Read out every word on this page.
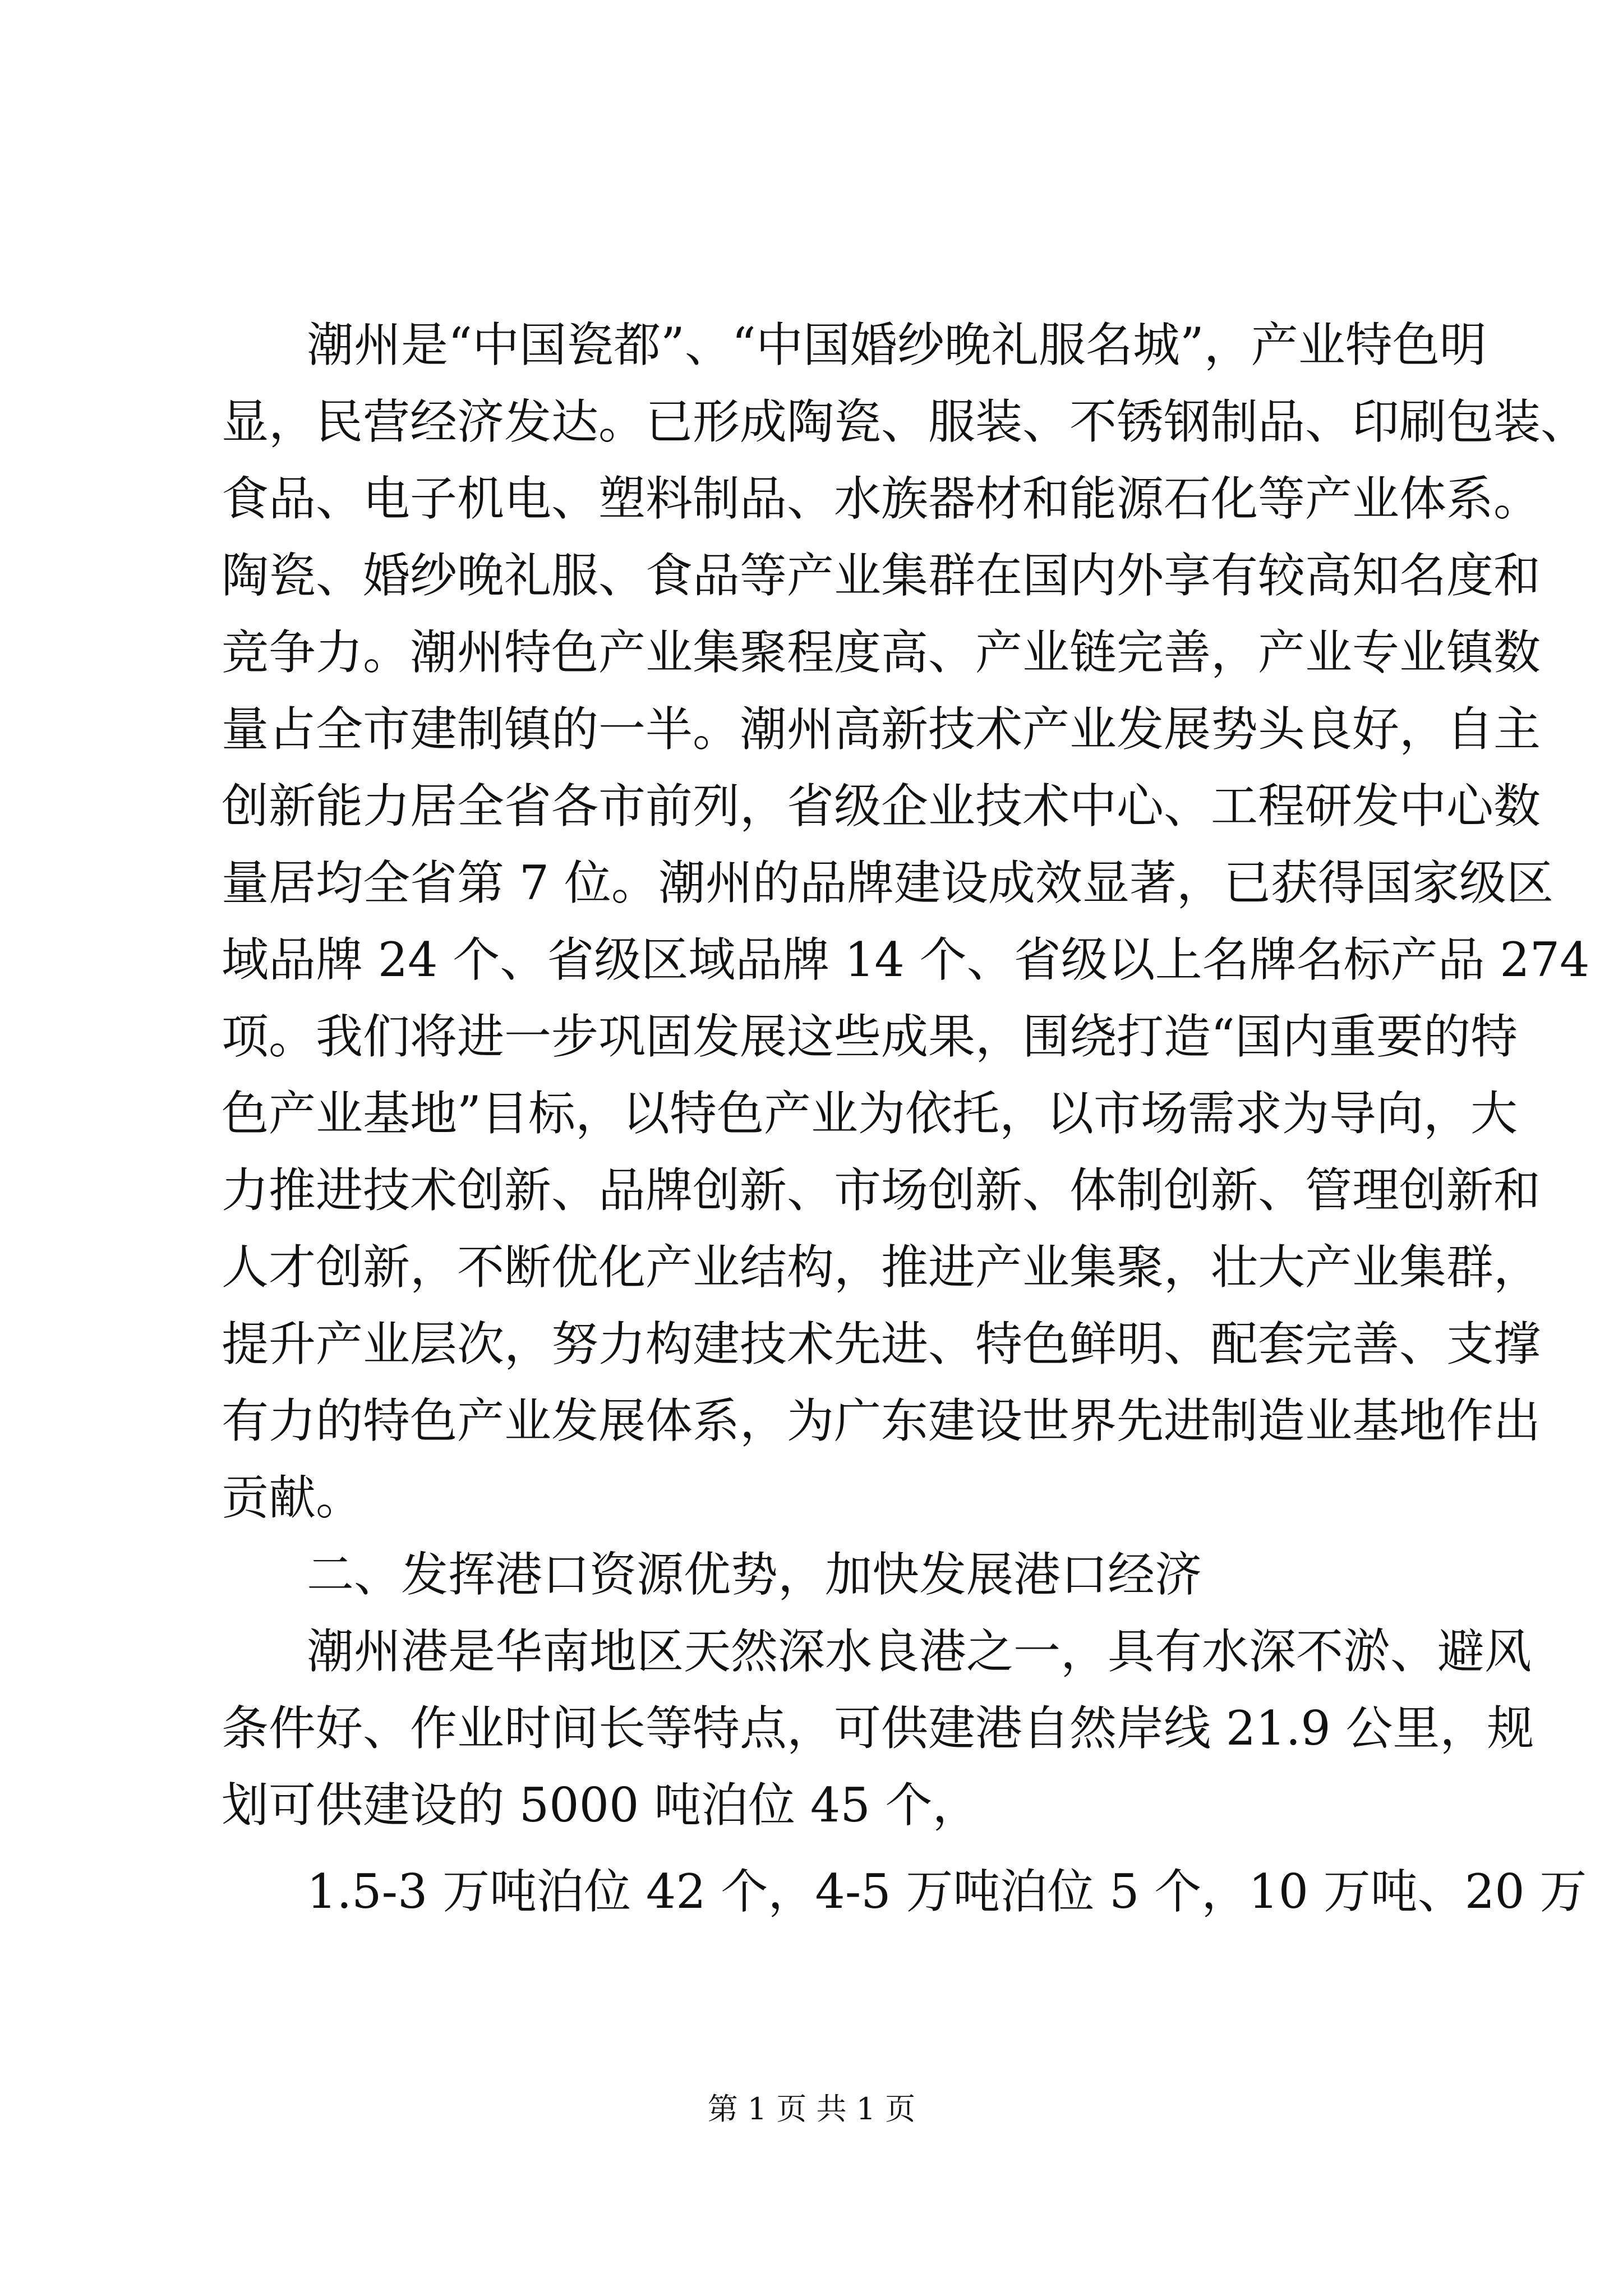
潮州是“中国瓷都”、“中国婚纱晚礼服名城”，产业特色明
显，民营经济发达。已形成陶瓷、服装、不锈钢制品、印刷包装、
食品、电子机电、塑料制品、水族器材和能源石化等产业体系。
陶瓷、婚纱晚礼服、食品等产业集群在国内外享有较高知名度和
竞争力。潮州特色产业集聚程度高、产业链完善，产业专业镇数
量占全市建制镇的一半。潮州高新技术产业发展势头良好，自主
创新能力居全省各市前列，省级企业技术中心、工程研发中心数
量居均全省第 7 位。潮州的品牌建设成效显著，已获得国家级区
域品牌 24 个、省级区域品牌 14 个、省级以上名牌名标产品 274
项。我们将进一步巩固发展这些成果，围绕打造“国内重要的特
色产业基地”目标，以特色产业为依托，以市场需求为导向，大
力推进技术创新、品牌创新、市场创新、体制创新、管理创新和
人才创新，不断优化产业结构，推进产业集聚，壮大产业集群，
提升产业层次，努力构建技术先进、特色鲜明、配套完善、支撑
有力的特色产业发展体系，为广东建设世界先进制造业基地作出
贡献。
二、发挥港口资源优势，加快发展港口经济
潮州港是华南地区天然深水良港之一，具有水深不淤、避风
条件好、作业时间长等特点，可供建港自然岸线 21.9 公里，规
划可供建设的 5000 吨泊位 45 个，
1.5-3 万吨泊位 42 个，4-5 万吨泊位 5 个，10 万吨、20 万
第 1 页 共 1 页
